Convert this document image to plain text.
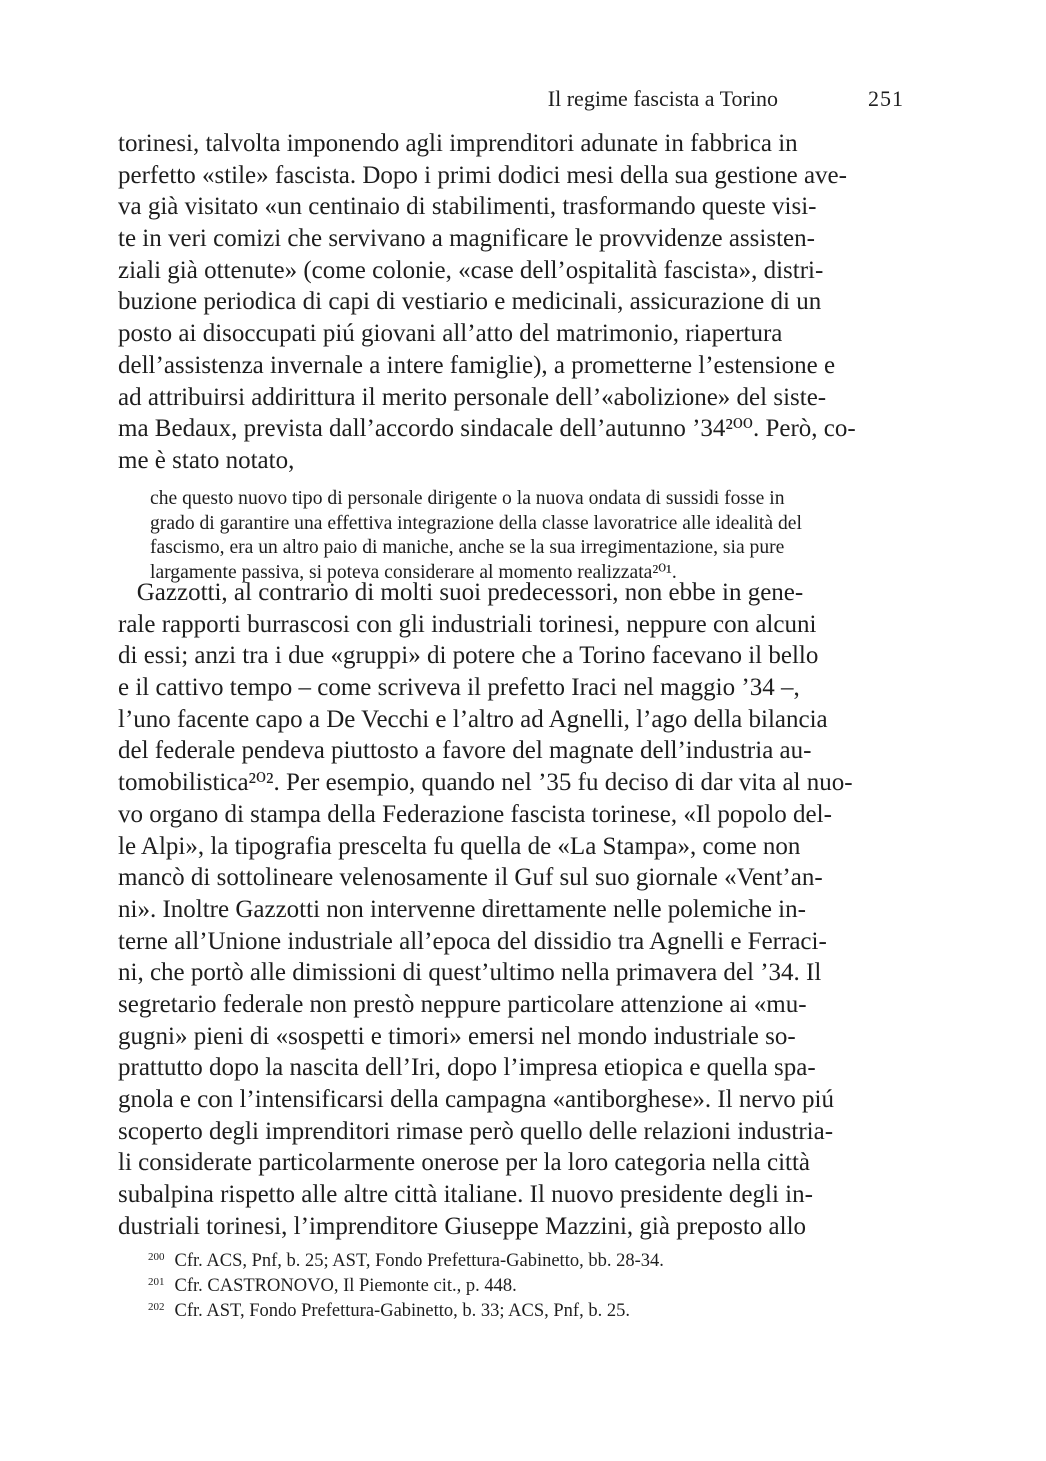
Il regime fascista a Torino	251
torinesi, talvolta imponendo agli imprenditori adunate in fabbrica in
perfetto «stile» fascista. Dopo i primi dodici mesi della sua gestione ave-
va già visitato «un centinaio di stabilimenti, trasformando queste visi-
te in veri comizi che servivano a magnificare le provvidenze assisten-
ziali già ottenute» (come colonie, «case dell’ospitalità fascista», distri-
buzione periodica di capi di vestiario e medicinali, assicurazione di un
posto ai disoccupati piú giovani all’atto del matrimonio, riapertura
dell’assistenza invernale a intere famiglie), a prometterne l’estensione e
ad attribuirsi addirittura il merito personale dell’«abolizione» del siste-
ma Bedaux, prevista dall’accordo sindacale dell’autunno ’34²⁰⁰. Però, co-
me è stato notato,
che questo nuovo tipo di personale dirigente o la nuova ondata di sussidi fosse in
grado di garantire una effettiva integrazione della classe lavoratrice alle idealità del
fascismo, era un altro paio di maniche, anche se la sua irregimentazione, sia pure
largamente passiva, si poteva considerare al momento realizzata²⁰¹.
Gazzotti, al contrario di molti suoi predecessori, non ebbe in gene-
rale rapporti burrascosi con gli industriali torinesi, neppure con alcuni
di essi; anzi tra i due «gruppi» di potere che a Torino facevano il bello
e il cattivo tempo – come scriveva il prefetto Iraci nel maggio ’34 –,
l’uno facente capo a De Vecchi e l’altro ad Agnelli, l’ago della bilancia
del federale pendeva piuttosto a favore del magnate dell’industria au-
tomobilistica²⁰². Per esempio, quando nel ’35 fu deciso di dar vita al nuo-
vo organo di stampa della Federazione fascista torinese, «Il popolo del-
le Alpi», la tipografia prescelta fu quella de «La Stampa», come non
mancò di sottolineare velenosamente il Guf sul suo giornale «Vent’an-
ni». Inoltre Gazzotti non intervenne direttamente nelle polemiche in-
terne all’Unione industriale all’epoca del dissidio tra Agnelli e Ferraci-
ni, che portò alle dimissioni di quest’ultimo nella primavera del ’34. Il
segretario federale non prestò neppure particolare attenzione ai «mu-
gugni» pieni di «sospetti e timori» emersi nel mondo industriale so-
prattutto dopo la nascita dell’Iri, dopo l’impresa etiopica e quella spa-
gnola e con l’intensificarsi della campagna «antiborghese». Il nervo piú
scoperto degli imprenditori rimase però quello delle relazioni industria-
li considerate particolarmente onerose per la loro categoria nella città
subalpina rispetto alle altre città italiane. Il nuovo presidente degli in-
dustriali torinesi, l’imprenditore Giuseppe Mazzini, già preposto allo
$^{200}$ Cfr. ACS, Pnf, b. 25; AST, Fondo Prefettura-Gabinetto, bb. 28-34.
$^{201}$ Cfr. CASTRONOVO, Il Piemonte cit., p. 448.
$^{202}$ Cfr. AST, Fondo Prefettura-Gabinetto, b. 33; ACS, Pnf, b. 25.
